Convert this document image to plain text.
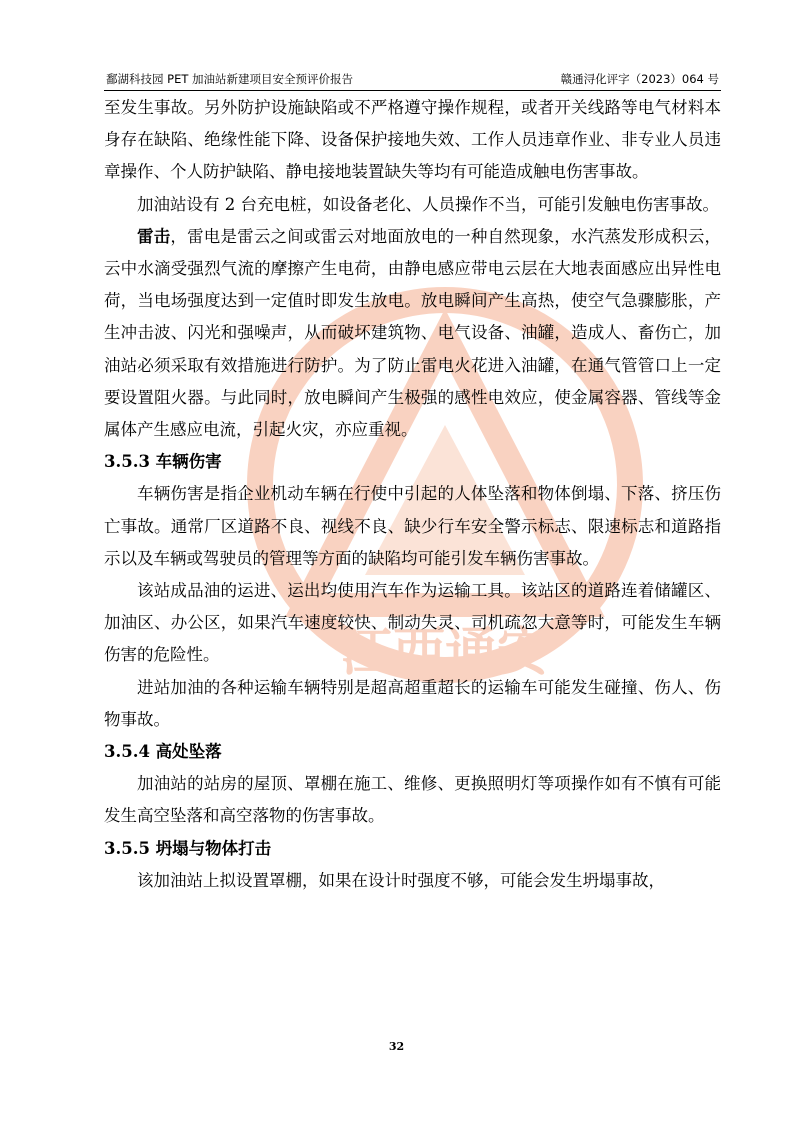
江西通安
鄱湖科技园 PET 加油站新建项目安全预评价报告	赣通浔化评字（2023）064 号

至发生事故。另外防护设施缺陷或不严格遵守操作规程，或者开关线路等电气材料本身存在缺陷、绝缘性能下降、设备保护接地失效、工作人员违章作业、非专业人员违章操作、个人防护缺陷、静电接地装置缺失等均有可能造成触电伤害事故。

加油站设有 2 台充电桩，如设备老化、人员操作不当，可能引发触电伤害事故。

雷击，雷电是雷云之间或雷云对地面放电的一种自然现象，水汽蒸发形成积云，云中水滴受强烈气流的摩擦产生电荷，由静电感应带电云层在大地表面感应出异性电荷，当电场强度达到一定值时即发生放电。放电瞬间产生高热，使空气急骤膨胀，产生冲击波、闪光和强噪声，从而破坏建筑物、电气设备、油罐，造成人、畜伤亡，加油站必须采取有效措施进行防护。为了防止雷电火花进入油罐，在通气管管口上一定要设置阻火器。与此同时，放电瞬间产生极强的感性电效应，使金属容器、管线等金属体产生感应电流，引起火灾，亦应重视。

3.5.3 车辆伤害

车辆伤害是指企业机动车辆在行使中引起的人体坠落和物体倒塌、下落、挤压伤亡事故。通常厂区道路不良、视线不良、缺少行车安全警示标志、限速标志和道路指示以及车辆或驾驶员的管理等方面的缺陷均可能引发车辆伤害事故。

该站成品油的运进、运出均使用汽车作为运输工具。该站区的道路连着储罐区、加油区、办公区，如果汽车速度较快、制动失灵、司机疏忽大意等时，可能发生车辆伤害的危险性。

进站加油的各种运输车辆特别是超高超重超长的运输车可能发生碰撞、伤人、伤物事故。

3.5.4 高处坠落

加油站的站房的屋顶、罩棚在施工、维修、更换照明灯等项操作如有不慎有可能发生高空坠落和高空落物的伤害事故。

3.5.5 坍塌与物体打击

该加油站上拟设置罩棚，如果在设计时强度不够，可能会发生坍塌事故，

32
